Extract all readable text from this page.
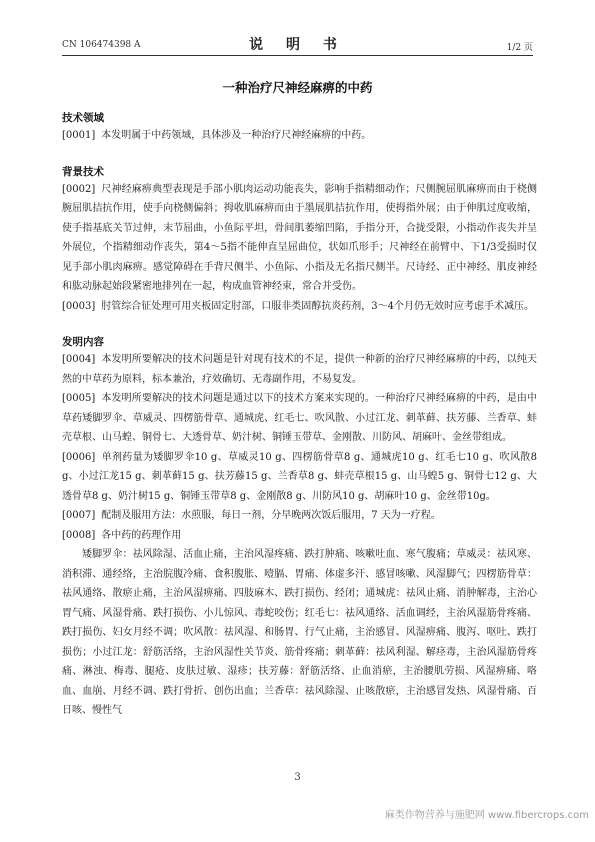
CN 106474398 A	说 明 书	1/2 页
一种治疗尺神经麻痹的中药
技术领域
[0001] 本发明属于中药领域，具体涉及一种治疗尺神经麻痹的中药。
背景技术
[0002] 尺神经麻痹典型表现是手部小肌肉运动功能丧失，影响手指精细动作；尺侧腕屈肌麻痹而由于桡侧腕屈肌拮抗作用，使手向桡侧偏斜；拇收肌麻痹而由于墨展肌拮抗作用，使拇指外展；由于伸肌过度收缩，使手指基底关节过伸，末节屈曲，小鱼际平坦，骨间肌萎缩凹陷，手指分开，合拢受限，小指动作丧失并呈外展位，个指精细动作丧失，第4～5指不能伸直呈屈曲位，状如爪形手；尺神经在前臂中、下1/3受损时仅见手部小肌肉麻痹。感觉障碍在手背尺侧半、小鱼际、小指及无名指尺侧半。尺诗经、正中神经、肌皮神经和肱动脉起始段紧密地排列在一起，构成血管神经束，常合并受伤。
[0003] 肘管综合征处理可用夹板固定肘部，口服非类固醇抗炎药剂，3～4个月仍无效时应考虑手术减压。
发明内容
[0004] 本发明所要解决的技术问题是针对现有技术的不足，提供一种新的治疗尺神经麻痹的中药，以纯天然的中草药为原料，标本兼治，疗效确切、无毒副作用，不易复发。
[0005] 本发明所要解决的技术问题是通过以下的技术方案来实现的。一种治疗尺神经麻痹的中药，是由中草药矮脚罗伞、草威灵、四楞筋骨草、通城虎、红毛七、吹风散、小过江龙、刺革藓、扶芳藤、兰香草、蚌壳草根、山马蝗、铜骨七、大透骨草、奶汁树、铜锤玉带草、金刚散、川防风、胡麻叶、金丝带组成。
[0006] 单剂药量为矮脚罗伞10 g、草威灵10 g、四楞筋骨草8 g、通城虎10 g、红毛七10 g、吹风散8 g、小过江龙15 g、刺革藓15 g、扶芳藤15 g、兰香草8 g、蚌壳草根15 g、山马蝗5 g、铜骨七12 g、大透骨草8 g、奶汁树15 g、铜锤玉带草8 g、金刚散8 g、川防风10 g、胡麻叶10 g、金丝带10g。
[0007] 配制及服用方法：水煎服，每日一剂，分早晚两次饭后服用，7 天为一疗程。
[0008] 各中药的药理作用
矮脚罗伞：祛风除湿、活血止痛，主治风湿疼痛、跌打肿痛、咳嗽吐血、寒气腹痛；草威灵：祛风寒、消积滞、通经络，主治脘腹冷痛、食积腹胀、噎膈、胃痛、体虚多汗、感冒咳嗽、风湿脚气；四楞筋骨草：祛风通络、散瘀止痛，主治风湿痹痛、四肢麻木、跌打损伤、经闭；通城虎：祛风止痛、消肿解毒，主治心胃气痛、风湿骨痛、跌打损伤、小儿惊风、毒蛇咬伤；红毛七：祛风通络、活血调经，主治风湿筋骨疼痛、跌打损伤、妇女月经不调；吹风散：祛风湿、和肠胃、行气止痛，主治感冒、风湿痹痛、腹泻、呕吐、跌打损伤；小过江龙：舒筋活络，主治风湿性关节炎、筋骨疼痛；刺革藓：祛风利湿、解痉毒，主治风湿筋骨疼痛、淋浊、梅毒、腿疮、皮肤过敏、湿疹；扶芳藤：舒筋活络、止血消瘀，主治腰肌劳损、风湿痹痛、咯血、血崩、月经不调、跌打骨折、创伤出血；兰香草：祛风除湿、止咳散瘀，主治感冒发热、风湿骨痛、百日咳、慢性气
3
麻类作物营养与施肥网 www.fibercrops.com
